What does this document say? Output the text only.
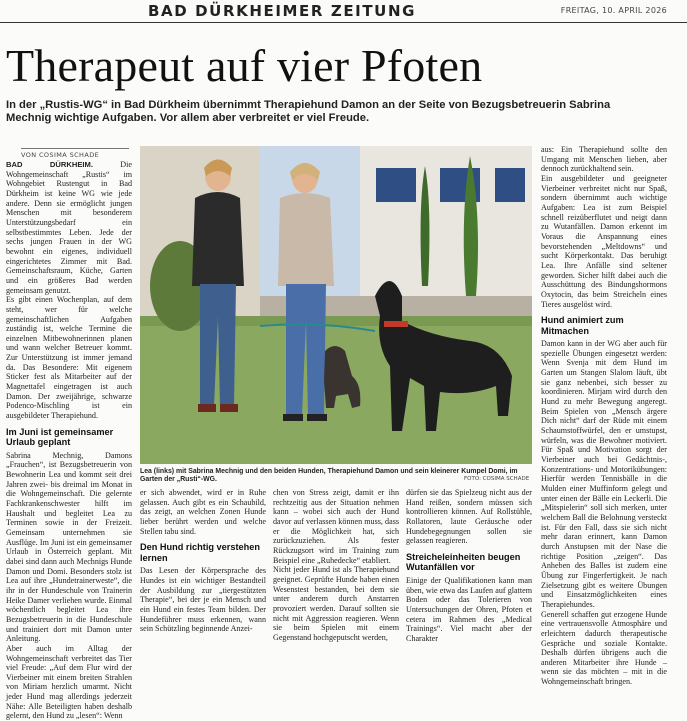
BAD DÜRKHEIMER ZEITUNG	FREITAG, 10. APRIL 2026
Therapeut auf vier Pfoten
In der „Rustis-WG“ in Bad Dürkheim übernimmt Therapiehund Damon an der Seite von Bezugsbetreuerin Sabrina Mechnig wichtige Aufgaben. Vor allem aber verbreitet er viel Freude.
VON COSIMA SCHADE

BAD DÜRKHEIM. Die Wohngemeinschaft „Rustis“ im Wohngebiet Rustengut in Bad Dürkheim ist keine WG wie jede andere. Denn sie ermöglicht jungen Menschen mit besonderem Unterstützungsbedarf ein selbstbestimmtes Leben. Jede der sechs jungen Frauen in der WG bewohnt ein eigenes, individuell eingerichtetes Zimmer mit Bad. Gemeinschaftsraum, Küche, Garten und ein größeres Bad werden gemeinsam genutzt.

Es gibt einen Wochenplan, auf dem steht, wer für welche gemeinschaftlichen Aufgaben zuständig ist, welche Termine die einzelnen Mitbewohnerinnen planen und wann welcher Betreuer kommt. Zur Unterstützung ist immer jemand da. Das Besondere: Mit eigenem Sticker fest als Mitarbeiter auf der Magnettafel eingetragen ist auch Damon. Der zweijährige, schwarze Podenco-Mischling ist ein ausgebildeter Therapiehund.

Im Juni ist gemeinsamer Urlaub geplant

Sabrina Mechnig, Damons „Frauchen“, ist Bezugsbetreuerin von Bewohnerin Lea und kommt seit drei Jahren zwei- bis dreimal im Monat in die Wohngemeinschaft. Die gelernte Fachkrankenschwester hilft im Haushalt und begleitet Lea zu Terminen sowie in der Freizeit. Gemeinsam unternehmen sie Ausflüge. Im Juni ist ein gemeinsamer Urlaub in Österreich geplant. Mit dabei sind dann auch Mechnigs Hunde Damon und Domi. Besonders stolz ist Lea auf ihre „Hundetrainerweste“, die ihr in der Hundeschule von Trainerin Heike Damer verliehen wurde. Einmal wöchentlich begleitet Lea ihre Bezugsbetreuerin in die Hundeschule und trainiert dort mit Damon unter Anleitung.

Aber auch im Alltag der Wohngemeinschaft verbreitet das Tier viel Freude: „Auf dem Flur wird der Vierbeiner mit einem breiten Strahlen von Miriam herzlich umarmt. Nicht jeder Hund mag allerdings jederzeit Nähe: Alle Beteiligten haben deshalb gelernt, den Hund zu „lesen“: Wenn

Lea (links) mit Sabrina Mechnig und den beiden Hunden, Therapiehund Damon und sein kleinerer Kumpel Domi, im Garten der „Rusti“-WG.	FOTO: COSIMA SCHADE

er sich abwendet, wird er in Ruhe gelassen. Auch gibt es ein Schaubild, das zeigt, an welchen Zonen Hunde lieber berührt werden und welche Stellen tabu sind.

Den Hund richtig verstehen lernen

Das Lesen der Körpersprache des Hundes ist ein wichtiger Bestandteil der Ausbildung zur „tiergestützten Therapie“, bei der je ein Mensch und ein Hund ein festes Team bilden. Der Hundeführer muss erkennen, wann sein Schützling beginnende Anzei-

chen von Stress zeigt, damit er ihn rechtzeitig aus der Situation nehmen kann – wobei sich auch der Hund davor auf verlassen können muss, dass er die Möglichkeit hat, sich zurückzuziehen. Als fester Rückzugsort wird im Training zum Beispiel eine „Ruhedecke“ etabliert.

Nicht jeder Hund ist als Therapiehund geeignet. Geprüfte Hunde haben einen Wesenstest bestanden, bei dem sie unter anderem durch Anstarren provoziert werden. Darauf sollten sie nicht mit Aggression reagieren. Wenn sie beim Spielen mit einem Gegenstand hochgeputscht werden,

dürfen sie das Spielzeug nicht aus der Hand reißen, sondern müssen sich kontrollieren können. Auf Rollstühle, Rollatoren, laute Geräusche oder Hundebegegnungen sollen sie gelassen reagieren.

Streicheleinheiten beugen Wutanfällen vor

Einige der Qualifikationen kann man üben, wie etwa das Laufen auf glattem Boden oder das Tolerieren von Untersuchungen der Ohren, Pfoten et cetera im Rahmen des „Medical Trainings“. Viel macht aber der Charakter

aus: Ein Therapiehund sollte den Umgang mit Menschen lieben, aber dennoch zurückhaltend sein.

Ein ausgebildeter und geeigneter Vierbeiner verbreitet nicht nur Spaß, sondern übernimmt auch wichtige Aufgaben: Lea ist zum Beispiel schnell reizüberflutet und neigt dann zu Wutanfällen. Damon erkennt im Voraus die Anspannung eines bevorstehenden „Meltdowns“ und sucht Körperkontakt. Das beruhigt Lea. Ihre Anfälle sind seltener geworden. Sicher hilft dabei auch die Ausschüttung des Bindungshormons Oxytocin, das beim Streicheln eines Tieres ausgelöst wird.

Hund animiert zum Mitmachen

Damon kann in der WG aber auch für spezielle Übungen eingesetzt werden: Wenn Svenja mit dem Hund im Garten um Stangen Slalom läuft, übt sie ganz nebenbei, sich besser zu koordinieren. Mirjam wird durch den Hund zu mehr Bewegung angeregt. Beim Spielen von „Mensch ärgere Dich nicht“ darf der Rüde mit einem Schaumstoffwürfel, den er umstupst, würfeln, was die Bewohner motiviert. Für Spaß und Motivation sorgt der Vierbeiner auch bei Gedächtnis-, Konzentrations- und Motorikübungen: Hierfür werden Tennisbälle in die Mulden einer Muffinform gelegt und unter einen der Bälle ein Leckerli. Die „Mitspielerin“ soll sich merken, unter welchem Ball die Belohnung versteckt ist. Für den Fall, dass sie sich nicht mehr daran erinnert, kann Damon durch Anstupsen mit der Nase die richtige Position „zeigen“. Das Anheben des Balles ist zudem eine Übung zur Fingerfertigkeit. Je nach Zielsetzung gibt es weitere Übungen und Einsatzmöglichkeiten eines Therapiehundes.

Generell schaffen gut erzogene Hunde eine vertrauensvolle Atmosphäre und erleichtern dadurch therapeutische Gespräche und soziale Kontakte. Deshalb dürfen übrigens auch die anderen Mitarbeiter ihre Hunde – wenn sie das möchten – mit in die Wohngemeinschaft bringen.
